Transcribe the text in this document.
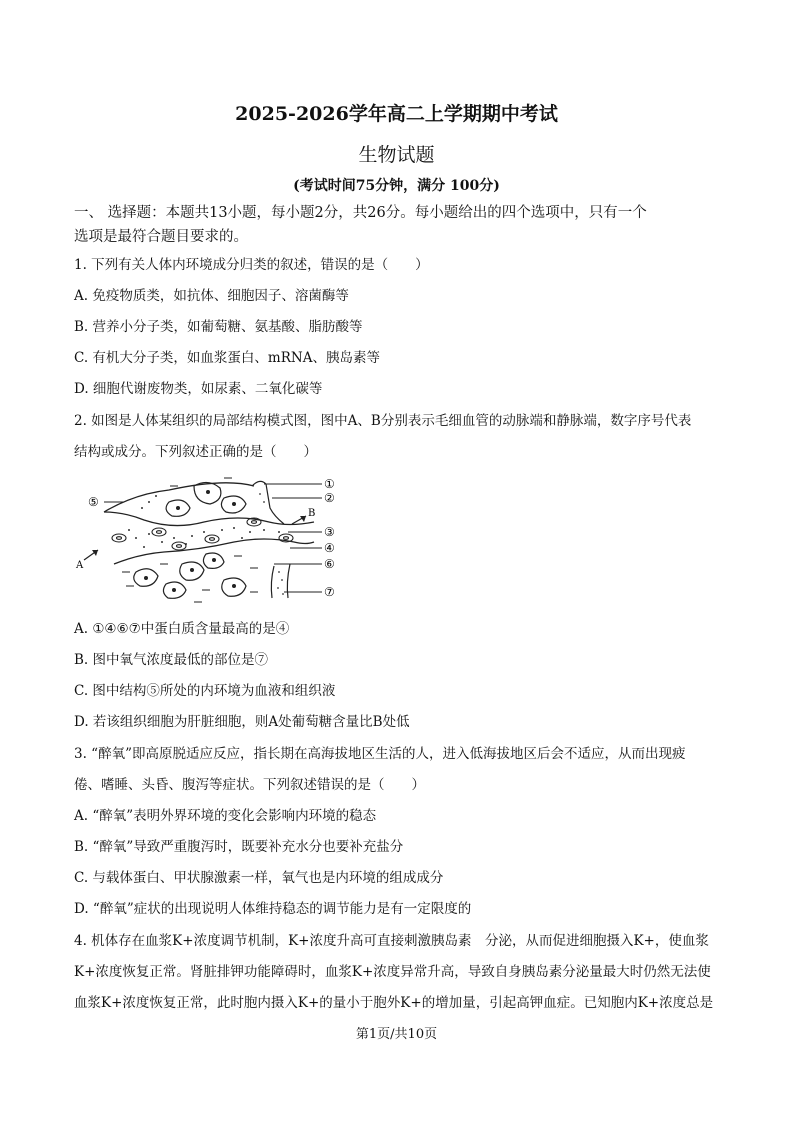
2025-2026学年高二上学期期中考试
生物试题
(考试时间75分钟，满分 100分)
一、 选择题：本题共13小题，每小题2分，共26分。每小题给出的四个选项中，只有一个
选项是最符合题目要求的。
1. 下列有关人体内环境成分归类的叙述，错误的是（　　）
A. 免疫物质类，如抗体、细胞因子、溶菌酶等
B. 营养小分子类，如葡萄糖、氨基酸、脂肪酸等
C. 有机大分子类，如血浆蛋白、mRNA、胰岛素等
D. 细胞代谢废物类，如尿素、二氧化碳等
2. 如图是人体某组织的局部结构模式图，图中A、B分别表示毛细血管的动脉端和静脉端，数字序号代表
结构或成分。下列叙述正确的是（　　）
A
B
①
②
③
④
⑥
⑦
⑤
A. ①④⑥⑦中蛋白质含量最高的是④
B. 图中氧气浓度最低的部位是⑦
C. 图中结构⑤所处的内环境为血液和组织液
D. 若该组织细胞为肝脏细胞，则A处葡萄糖含量比B处低
3. “醉氧”即高原脱适应反应，指长期在高海拔地区生活的人，进入低海拔地区后会不适应，从而出现疲
倦、嗜睡、头昏、腹泻等症状。下列叙述错误的是（　　）
A. “醉氧”表明外界环境的变化会影响内环境的稳态
B. “醉氧”导致严重腹泻时，既要补充水分也要补充盐分
C. 与载体蛋白、甲状腺激素一样，氧气也是内环境的组成成分
D. “醉氧”症状的出现说明人体维持稳态的调节能力是有一定限度的
4. 机体存在血浆K+浓度调节机制，K+浓度升高可直接刺激胰岛素　分泌，从而促进细胞摄入K+，使血浆
K+浓度恢复正常。肾脏排钾功能障碍时，血浆K+浓度异常升高，导致自身胰岛素分泌量最大时仍然无法使
血浆K+浓度恢复正常，此时胞内摄入K+的量小于胞外K+的增加量，引起高钾血症。已知胞内K+浓度总是
第1页/共10页
